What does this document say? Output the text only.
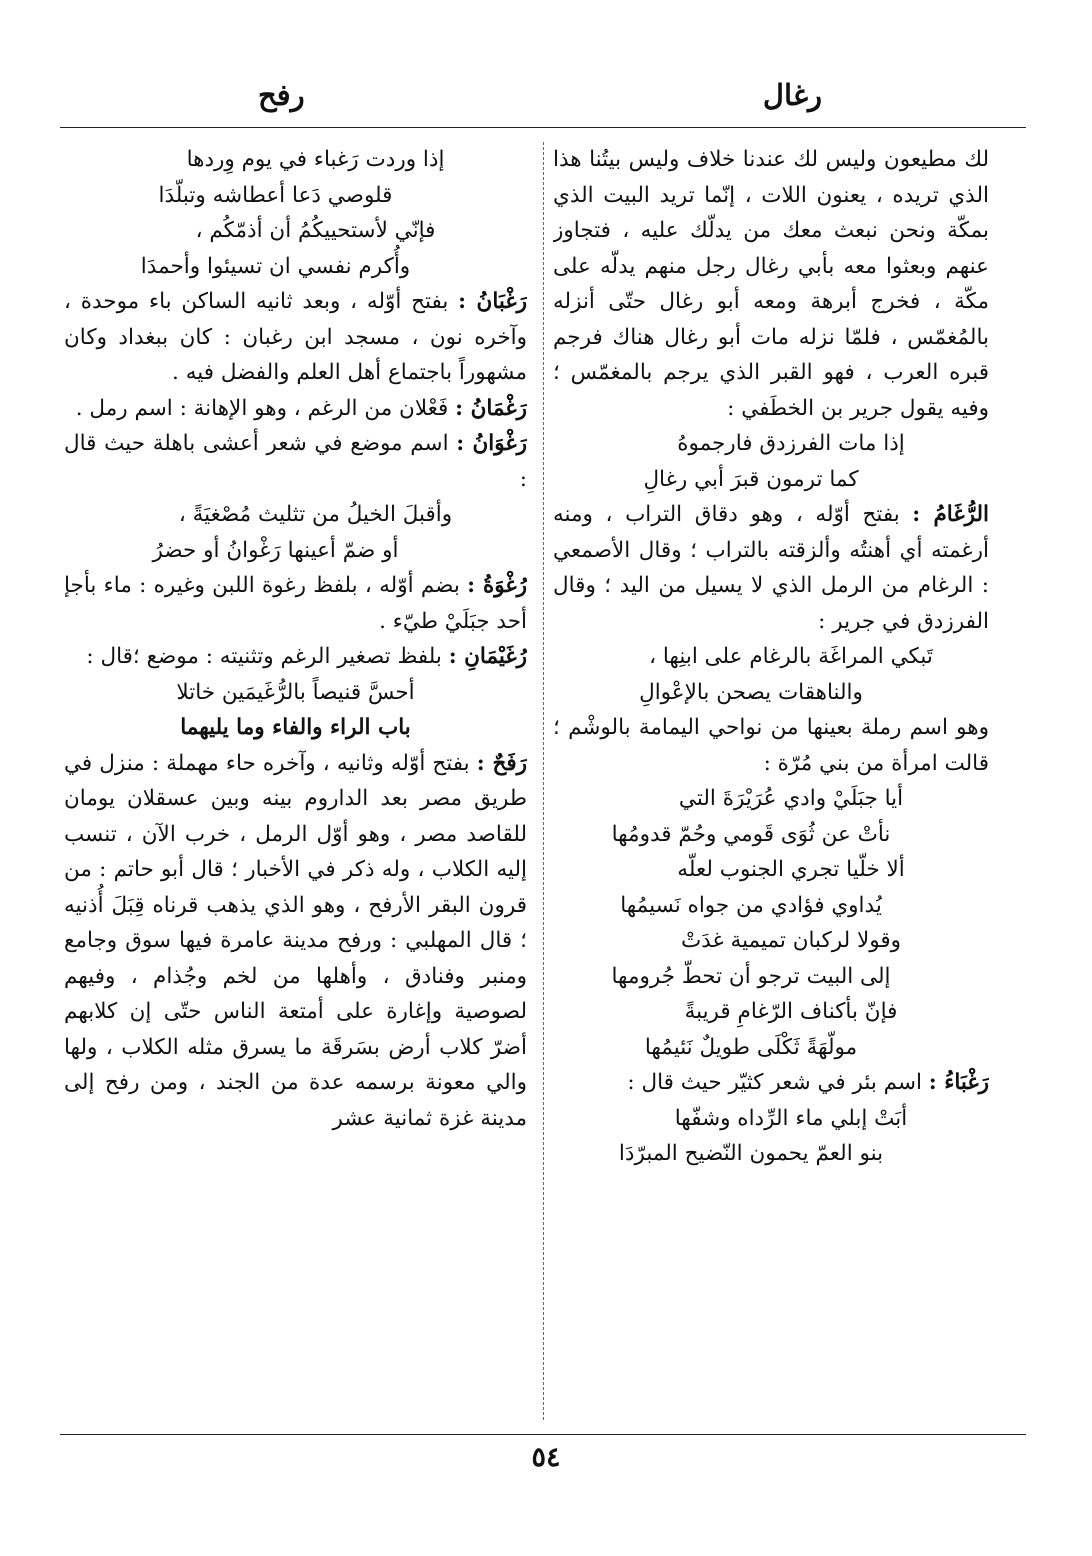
رغال
رفح

لك مطيعون وليس لك عندنا خلاف وليس بيتُنا هذا الذي تريده ، يعنون اللات ، إنّما تريد البيت الذي بمكّة ونحن نبعث معك من يدلّك عليه ، فتجاوز عنهم وبعثوا معه بأبي رغال رجل منهم يدلّه على مكّة ، فخرج أبرهة ومعه أبو رغال حتّى أنزله بالمُغمّس ، فلمّا نزله مات أبو رغال هناك فرجم قبره العرب ، فهو القبر الذي يرجم بالمغمّس ؛ وفيه يقول جرير بن الخطَفي :

إذا مات الفرزدق فارجموهُ

كما ترمون قبرَ أبي رغالِ

الرُّغَامُ : بفتح أوّله ، وهو دقاق التراب ، ومنه أرغمته أي أهنتُه وألزقته بالتراب ؛ وقال الأصمعي : الرغام من الرمل الذي لا يسيل من اليد ؛ وقال الفرزدق في جرير :

تَبكي المراغَة بالرغام على ابنِها ،

والناهقات يصحن بالإعْوالِ

وهو اسم رملة بعينها من نواحي اليمامة بالوشْم ؛ قالت امرأة من بني مُرّة :

أيا جبَلَيْ وادي عُرَيْرَةَ التي

نأتْ عن ثُوَى قَومي وحُمّ قدومُها

ألا خلّيا تجري الجنوب لعلّه

يُداوي فؤادي من جواه نَسيمُها

وقولا لركبان تميمية غدَتْ

إلى البيت ترجو أن تحطّ جُرومها

فإنّ بأكناف الرّغامِ قريبةً

مولّهَةً ثَكْلَى طويلٌ نَئيمُها

رَغْبَاءُ : اسم بئر في شعر كثيّر حيث قال :

أبَتْ إبلي ماء الرِّداه وشفّها

بنو العمّ يحمون النّضيح المبرّدَا

إذا وردت رَغباء في يوم وِردها

قلوصي دَعا أعطاشه وتبلّدَا

فإنّي لأستحييكُمُ أن أذمّكُم ،

وأُكرم نفسي ان تسيئوا وأحمدَا

رَغْبَانُ : بفتح أوّله ، وبعد ثانيه الساكن باء موحدة ، وآخره نون ، مسجد ابن رغبان : كان ببغداد وكان مشهوراً باجتماع أهل العلم والفضل فيه .

رَغْمَانُ : فَعْلان من الرغم ، وهو الإهانة : اسم رمل .

رَغْوَانُ : اسم موضع في شعر أعشى باهلة حيث قال :

وأقبلَ الخيلُ من تثليث مُصْغيَةً ،

أو ضمّ أعينها رَغْوانُ أو حضرُ

رُغْوَةُ : بضم أوّله ، بلفظ رغوة اللبن وغيره : ماء بأجإ أحد جبَلَيْ طيّء .

رُغَيْمَانِ : بلفظ تصغير الرغم وتثنيته : موضع ؛قال :

أحسَّ قنيصاً بالرُّغَيمَين خاتلا

باب الراء والفاء وما يليهما

رَفَحٌ : بفتح أوّله وثانيه ، وآخره حاء مهملة : منزل في طريق مصر بعد الداروم بينه وبين عسقلان يومان للقاصد مصر ، وهو أوّل الرمل ، خرب الآن ، تنسب إليه الكلاب ، وله ذكر في الأخبار ؛ قال أبو حاتم : من قرون البقر الأرفح ، وهو الذي يذهب قرناه قِبَلَ أُذنيه ؛ قال المهلبي : ورفح مدينة عامرة فيها سوق وجامع ومنبر وفنادق ، وأهلها من لخم وجُذام ، وفيهم لصوصية وإغارة على أمتعة الناس حتّى إن كلابهم أضرّ كلاب أرض بسَرقَة ما يسرق مثله الكلاب ، ولها والي معونة برسمه عدة من الجند ، ومن رفح إلى مدينة غزة ثمانية عشر

٥٤
